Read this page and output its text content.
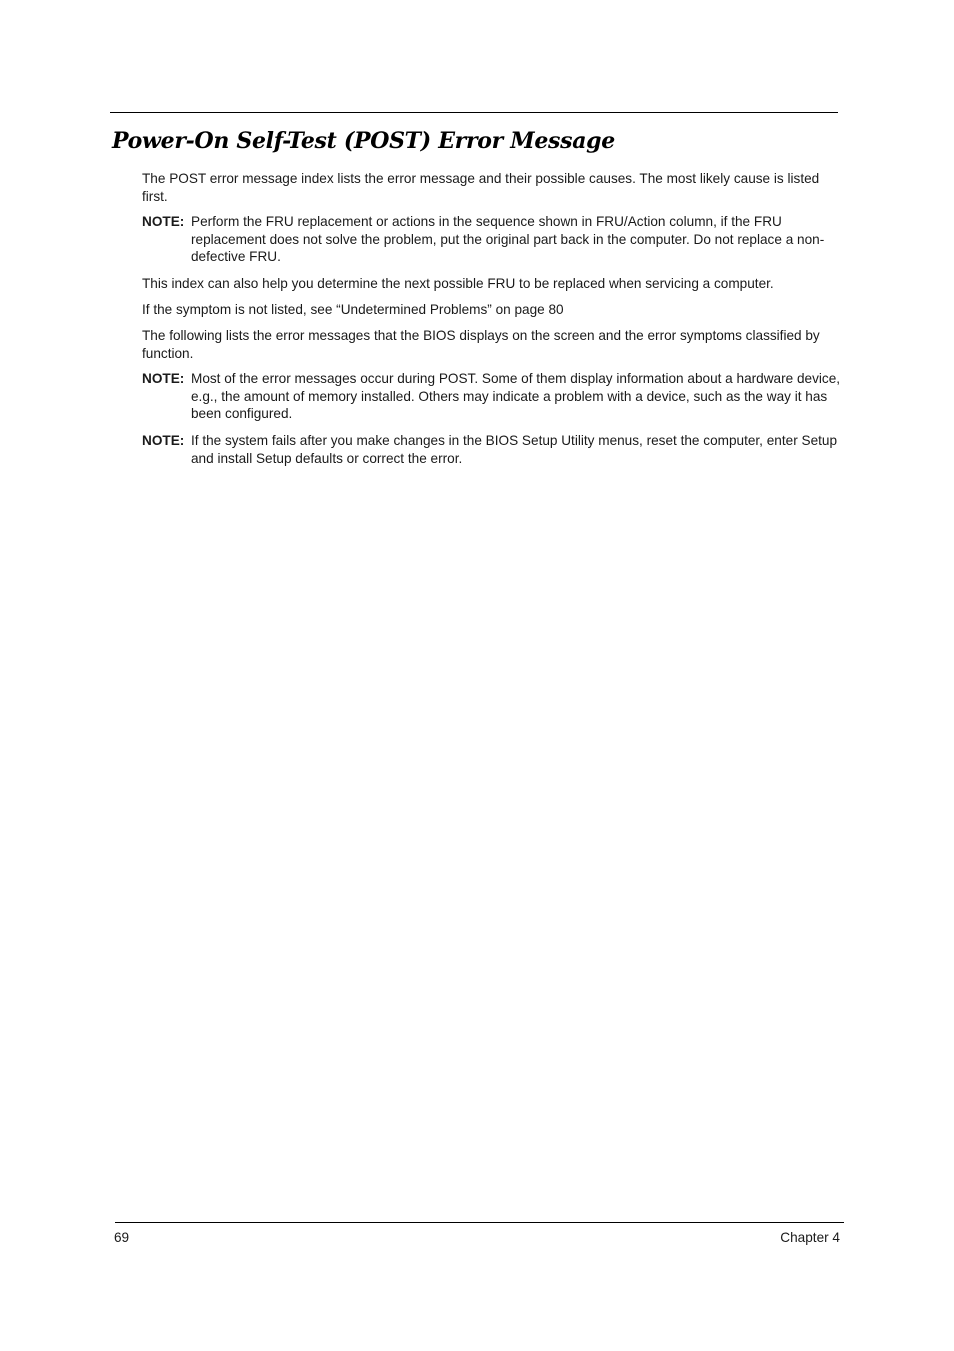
Power-On Self-Test (POST) Error Message

The POST error message index lists the error message and their possible causes. The most likely cause is listed first.

NOTE: Perform the FRU replacement or actions in the sequence shown in FRU/Action column, if the FRU replacement does not solve the problem, put the original part back in the computer. Do not replace a non-defective FRU.

This index can also help you determine the next possible FRU to be replaced when servicing a computer.

If the symptom is not listed, see “Undetermined Problems” on page 80

The following lists the error messages that the BIOS displays on the screen and the error symptoms classified by function.

NOTE: Most of the error messages occur during POST. Some of them display information about a hardware device, e.g., the amount of memory installed. Others may indicate a problem with a device, such as the way it has been configured.

NOTE: If the system fails after you make changes in the BIOS Setup Utility menus, reset the computer, enter Setup and install Setup defaults or correct the error.

69	Chapter 4
